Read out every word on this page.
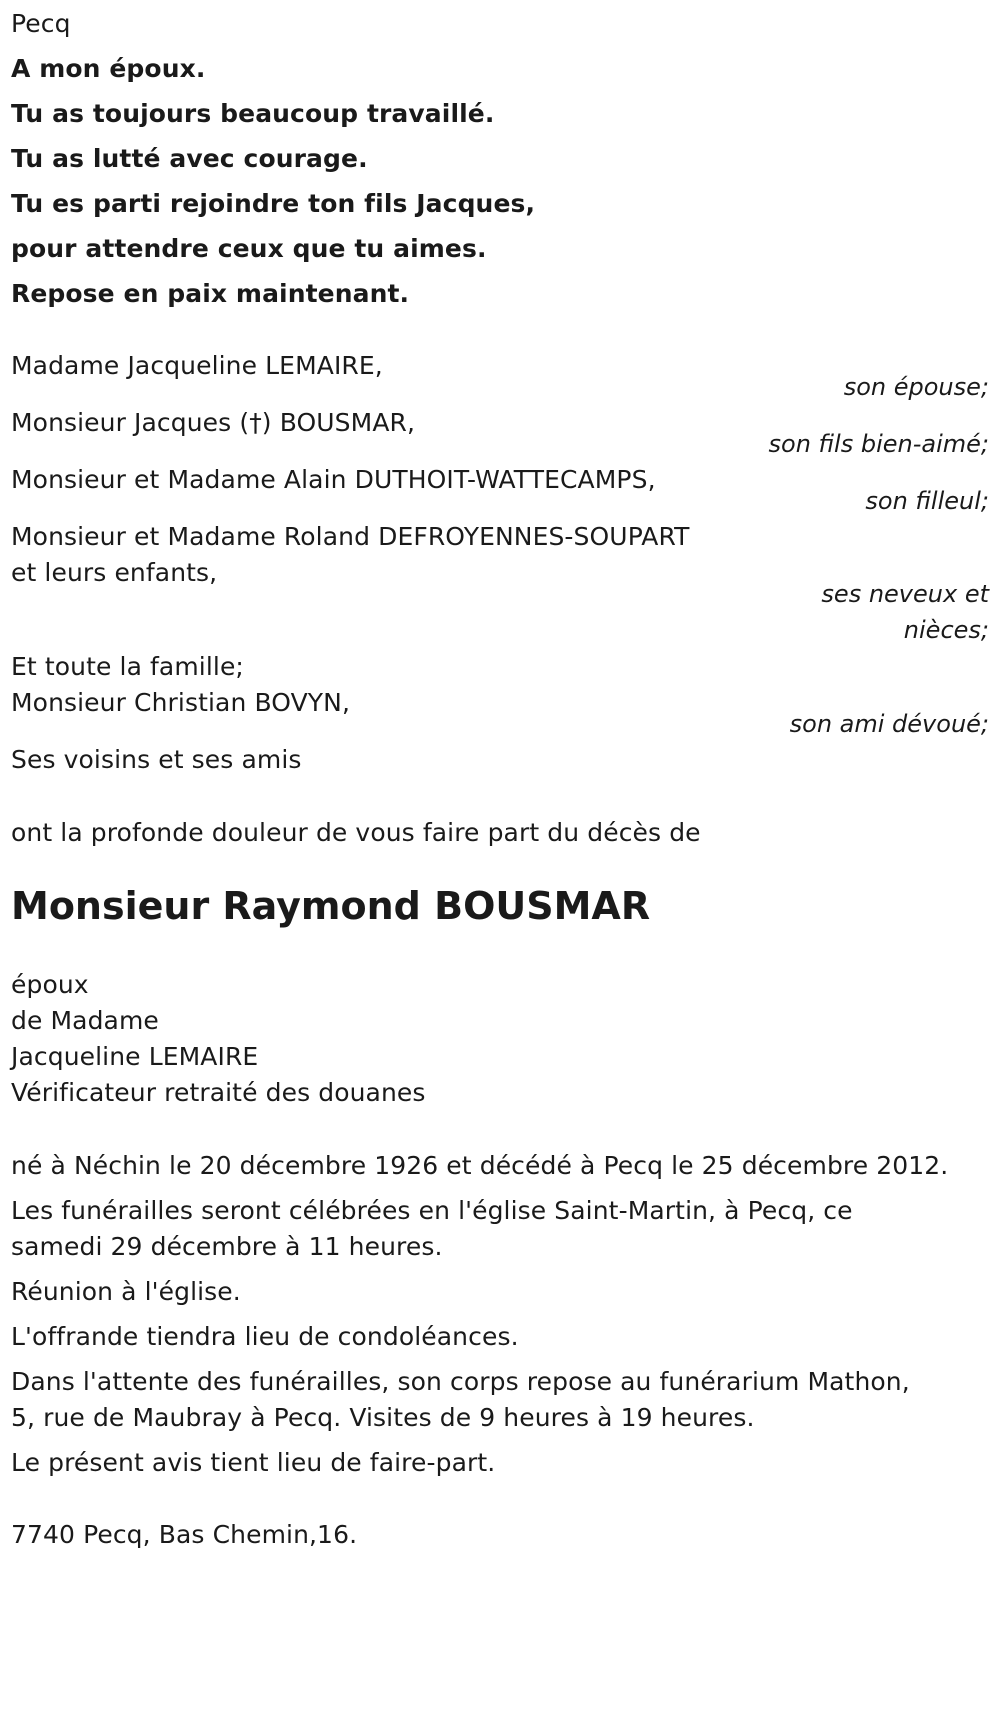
Pecq
A mon époux.
Tu as toujours beaucoup travaillé.
Tu as lutté avec courage.
Tu es parti rejoindre ton fils Jacques,
pour attendre ceux que tu aimes.
Repose en paix maintenant.
Madame Jacqueline LEMAIRE,
son épouse;
Monsieur Jacques (†) BOUSMAR,
son fils bien-aimé;
Monsieur et Madame Alain DUTHOIT-WATTECAMPS,
son filleul;
Monsieur et Madame Roland DEFROYENNES-SOUPART
et leurs enfants,
ses neveux et
nièces;
Et toute la famille;
Monsieur Christian BOVYN,
son ami dévoué;
Ses voisins et ses amis
ont la profonde douleur de vous faire part du décès de
Monsieur Raymond BOUSMAR
époux
de Madame
Jacqueline LEMAIRE
Vérificateur retraité des douanes
né à Néchin le 20 décembre 1926 et décédé à Pecq le 25 décembre 2012.
Les funérailles seront célébrées en l'église Saint-Martin, à Pecq, ce
samedi 29 décembre à 11 heures.
Réunion à l'église.
L'offrande tiendra lieu de condoléances.
Dans l'attente des funérailles, son corps repose au funérarium Mathon,
5, rue de Maubray à Pecq. Visites de 9 heures à 19 heures.
Le présent avis tient lieu de faire-part.
7740 Pecq, Bas Chemin,16.
